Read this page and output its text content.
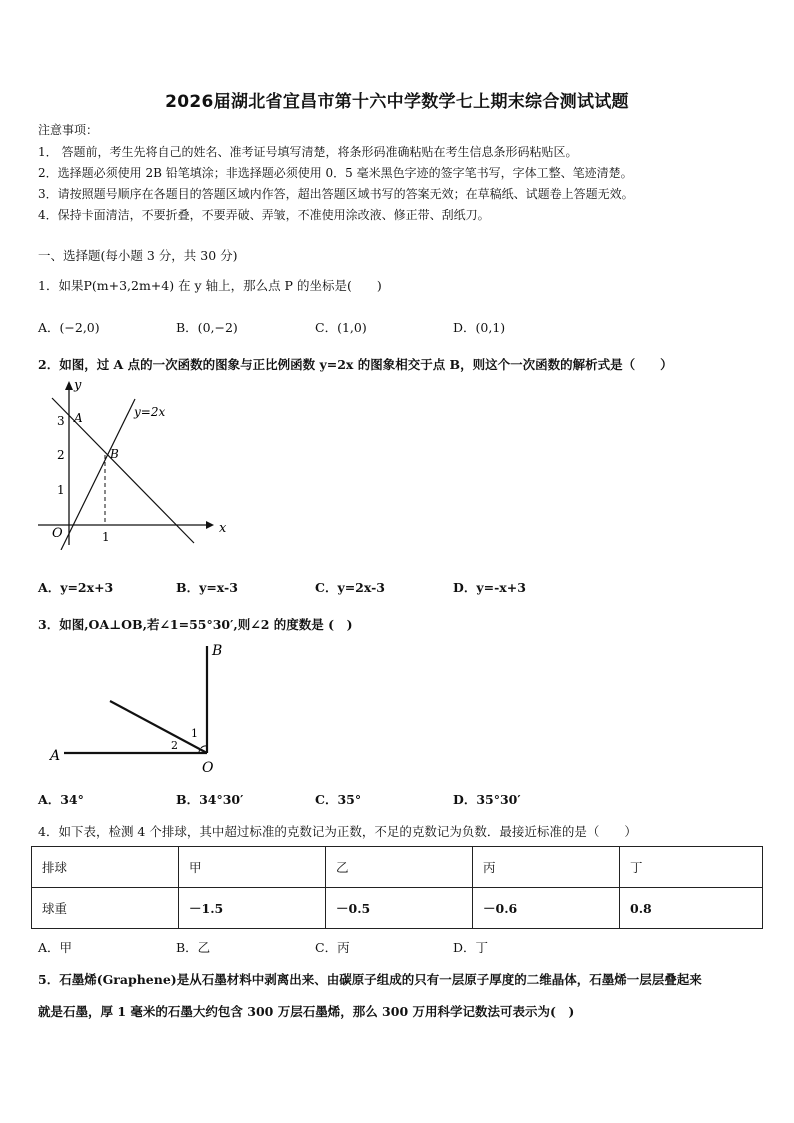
2026届湖北省宜昌市第十六中学数学七上期末综合测试试题
注意事项：
1． 答题前，考生先将自己的姓名、准考证号填写清楚，将条形码准确粘贴在考生信息条形码粘贴区。
2．选择题必须使用 2B 铅笔填涂；非选择题必须使用 0．5 毫米黑色字迹的签字笔书写，字体工整、笔迹清楚。
3．请按照题号顺序在各题目的答题区域内作答，超出答题区域书写的答案无效；在草稿纸、试题卷上答题无效。
4．保持卡面清洁，不要折叠，不要弄破、弄皱，不准使用涂改液、修正带、刮纸刀。
一、选择题(每小题 3 分，共 30 分)
1．如果P(m+3,2m+4) 在 y 轴上，那么点 P 的坐标是(　　)
A．(−2,0)	B．(0,−2)	C．(1,0)	D．(0,1)
2．如图，过 A 点的一次函数的图象与正比例函数 y=2x 的图象相交于点 B，则这个一次函数的解析式是（　　）
y
x
O
A
B
y=2x
3
2
1
1
A．y=2x+3	B．y=x-3	C．y=2x-3	D．y=-x+3
3．如图,OA⊥OB,若∠1=55°30′,则∠2 的度数是 (　)
A
B
O
1
2
A．34°	B．34°30′	C．35°	D．35°30′
4．如下表，检测 4 个排球，其中超过标准的克数记为正数，不足的克数记为负数．最接近标准的是（　　）
排球	甲	乙	丙	丁
球重	－1.5	－0.5	－0.6	0.8
A．甲	B．乙	C．丙	D．丁
5．石墨烯(Graphene)是从石墨材料中剥离出来、由碳原子组成的只有一层原子厚度的二维晶体，石墨烯一层层叠起来
就是石墨，厚 1 毫米的石墨大约包含 300 万层石墨烯，那么 300 万用科学记数法可表示为(　)
